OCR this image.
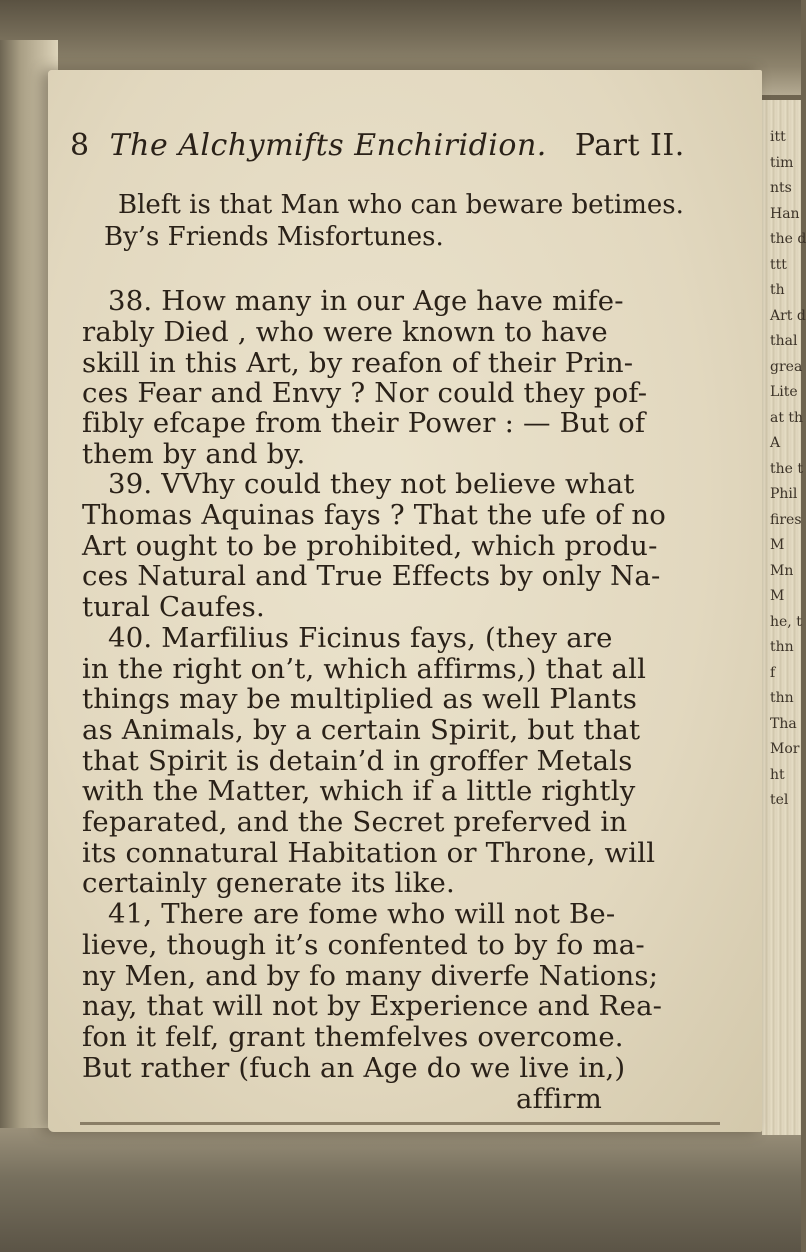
itt
tim
nts
Han
the d
ttt
th
Art d
thal
grea
Lite
at th
A
the t
Phil
fires
M
Mn
M
he, t
thn
f
thn
Tha
Mor
ht
tel
8 The Alchymifts Enchiridion. Part II.
Bleft is that Man who can beware betimes.
By’s Friends Misfortunes.
38. How many in our Age have mife-
rably Died , who were known to have
skill in this Art, by reafon of their Prin-
ces Fear and Envy ? Nor could they pof-
fibly efcape from their Power : — But of
them by and by.
39. VVhy could they not believe what
Thomas Aquinas fays ? That the ufe of no
Art ought to be prohibited, which produ-
ces Natural and True Effects by only Na-
tural Caufes.
40. Marfilius Ficinus fays, (they are
in the right on’t, which affirms,) that all
things may be multiplied as well Plants
as Animals, by a certain Spirit, but that
that Spirit is detain’d in groffer Metals
with the Matter, which if a little rightly
feparated, and the Secret preferved in
its connatural Habitation or Throne, will
certainly generate its like.
41, There are fome who will not Be-
lieve, though it’s confented to by fo ma-
ny Men, and by fo many diverfe Nations;
nay, that will not by Experience and Rea-
fon it felf, grant themfelves overcome.
But rather (fuch an Age do we live in,)
affirm
